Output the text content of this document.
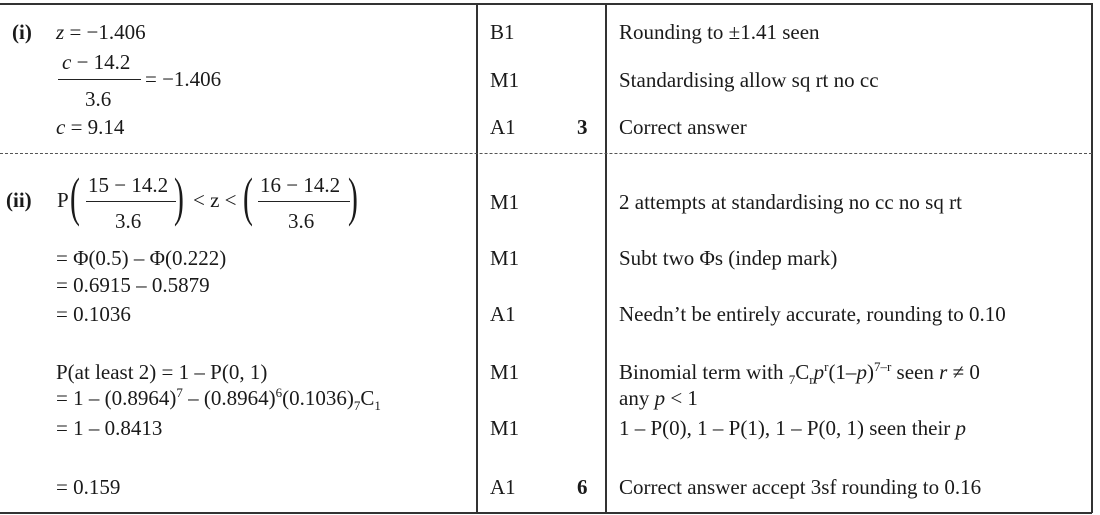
(i) z = −1.406
c − 14.2
3.6
= −1.406
c = 9.14
B1
M1
A1	3
Rounding to ±1.41 seen
Standardising allow sq rt no cc
Correct answer
(ii) P ( 15 − 14.2
3.6 ) < z < ( 16 − 14.2
3.6 )
= Φ(0.5) – Φ(0.222)
= 0.6915 – 0.5879
= 0.1036
P(at least 2) = 1 – P(0, 1)
= $1 - (0.8964)^7 - (0.8964)^6(0.1036)_7C_1$
= 1 – 0.8413
= 0.159
M1
M1
A1
M1
M1
A1	6
2 attempts at standardising no cc no sq rt
Subt two Φs (indep mark)
Needn’t be entirely accurate, rounding to 0.10
Binomial term with $_7C_rp^r(1-p)^{7-r}$ seen r ≠ 0
any p < 1
1 – P(0), 1 – P(1), 1 – P(0, 1) seen their p
Correct answer accept 3sf rounding to 0.16
